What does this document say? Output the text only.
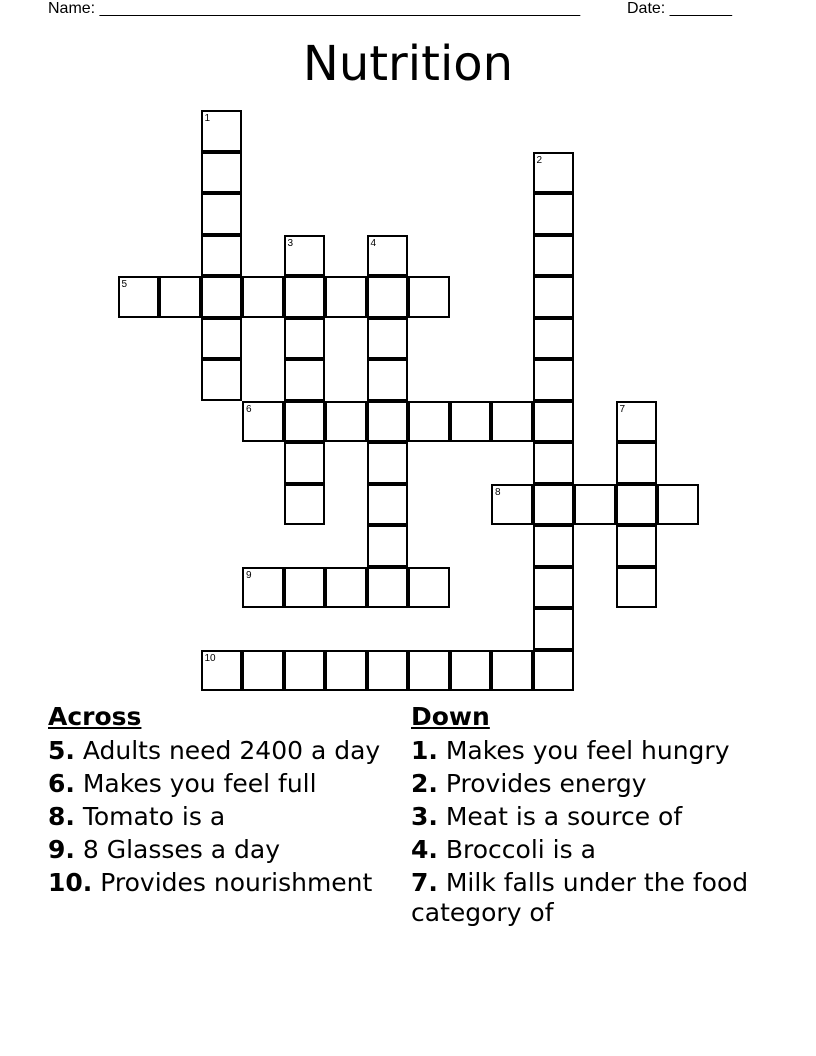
Name: ______________________________________________________	Date: _______
Nutrition
1
2
3	4
5
6	7
8
9
10
Across
5. Adults need 2400 a day
6. Makes you feel full
8. Tomato is a
9. 8 Glasses a day
10. Provides nourishment
Down
1. Makes you feel hungry
2. Provides energy
3. Meat is a source of
4. Broccoli is a
7. Milk falls under the food category of
